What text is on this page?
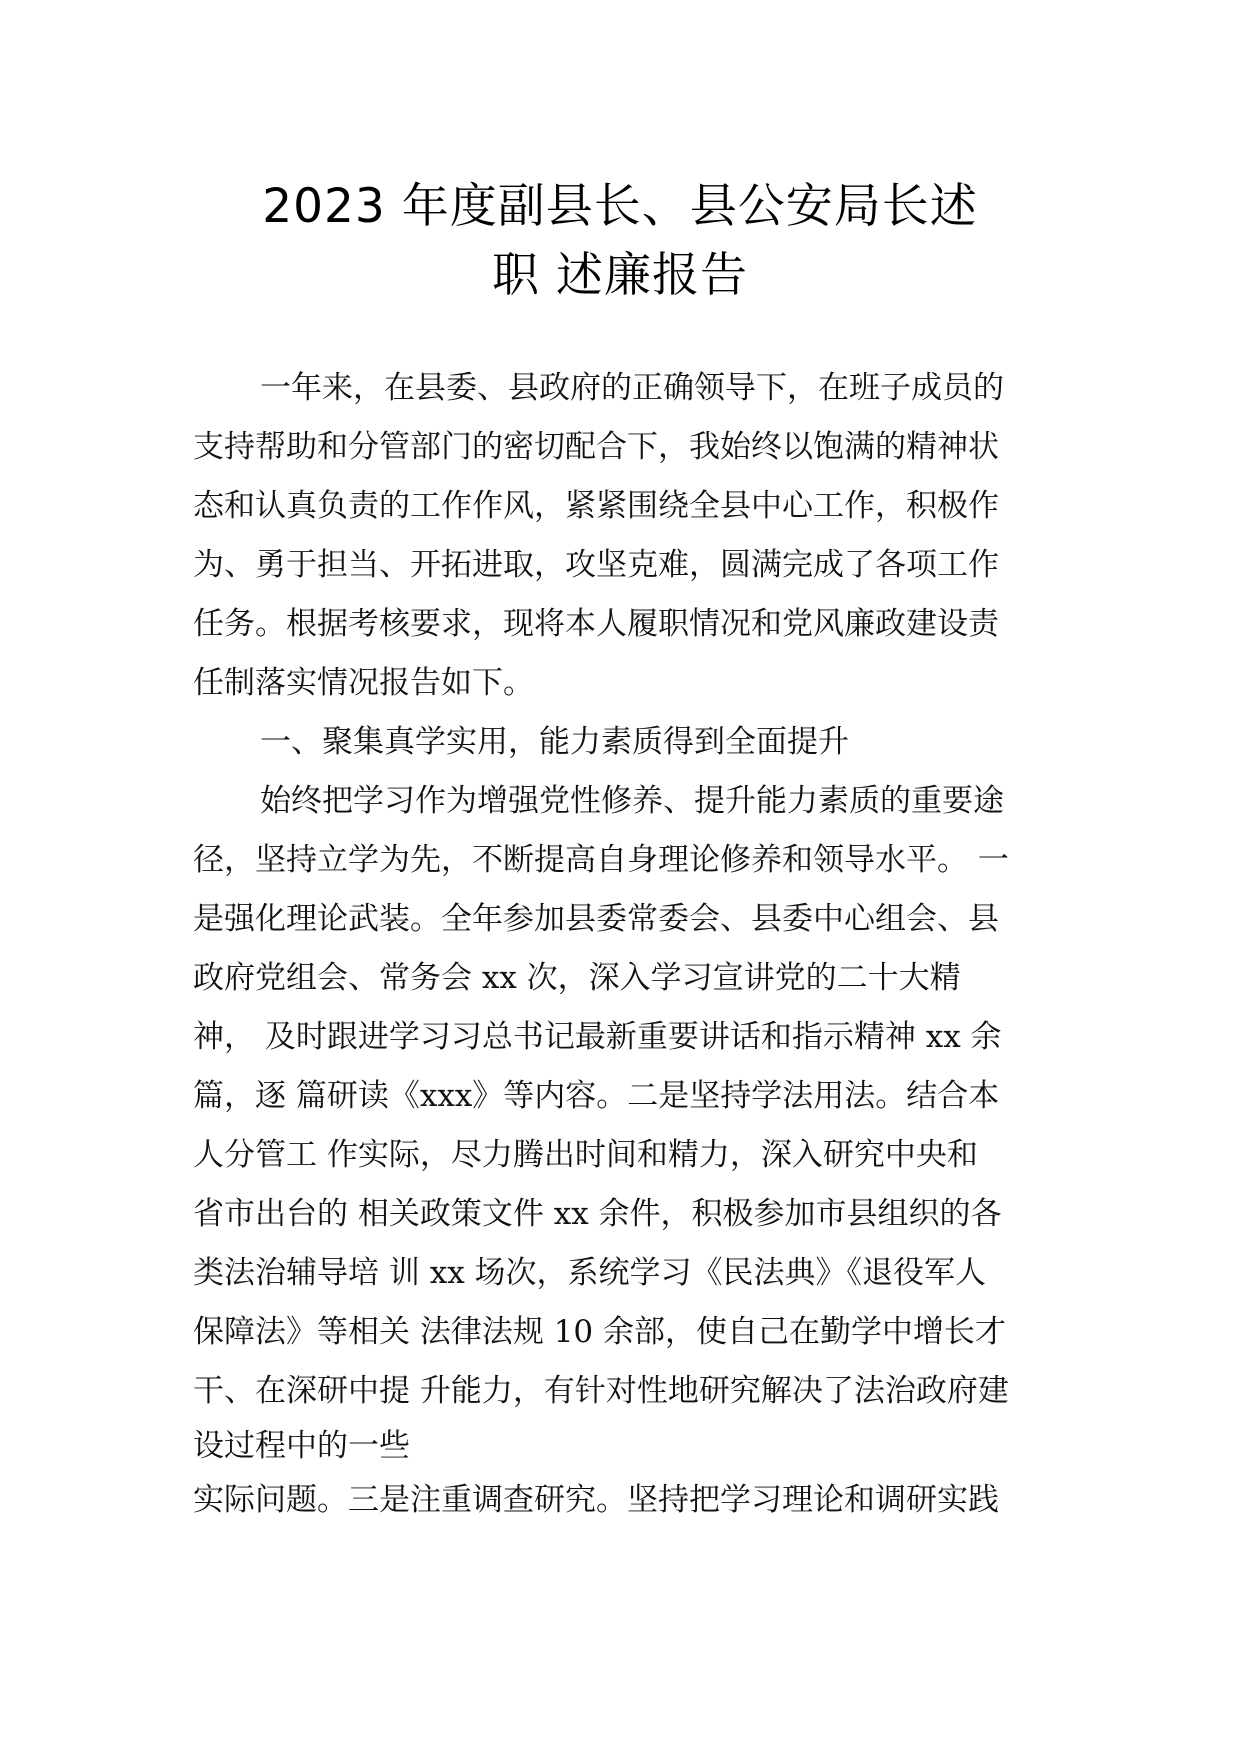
2023 年度副县长、县公安局长述
职 述廉报告
一年来，在县委、县政府的正确领导下，在班子成员的
支持帮助和分管部门的密切配合下，我始终以饱满的精神状
态和认真负责的工作作风，紧紧围绕全县中心工作，积极作
为、勇于担当、开拓进取，攻坚克难，圆满完成了各项工作
任务。根据考核要求，现将本人履职情况和党风廉政建设责
任制落实情况报告如下。
一、聚集真学实用，能力素质得到全面提升
始终把学习作为增强党性修养、提升能力素质的重要途
径，坚持立学为先，不断提高自身理论修养和领导水平。 一
是强化理论武装。全年参加县委常委会、县委中心组会、县
政府党组会、常务会 xx 次，深入学习宣讲党的二十大精
神， 及时跟进学习习总书记最新重要讲话和指示精神 xx 余
篇，逐 篇研读《xxx》等内容。二是坚持学法用法。结合本
人分管工 作实际，尽力腾出时间和精力，深入研究中央和
省市出台的 相关政策文件 xx 余件，积极参加市县组织的各
类法治辅导培 训 xx 场次，系统学习《民法典》《退役军人
保障法》等相关 法律法规 10 余部，使自己在勤学中增长才
干、在深研中提 升能力，有针对性地研究解决了法治政府建
设过程中的一些
实际问题。三是注重调查研究。坚持把学习理论和调研实践
